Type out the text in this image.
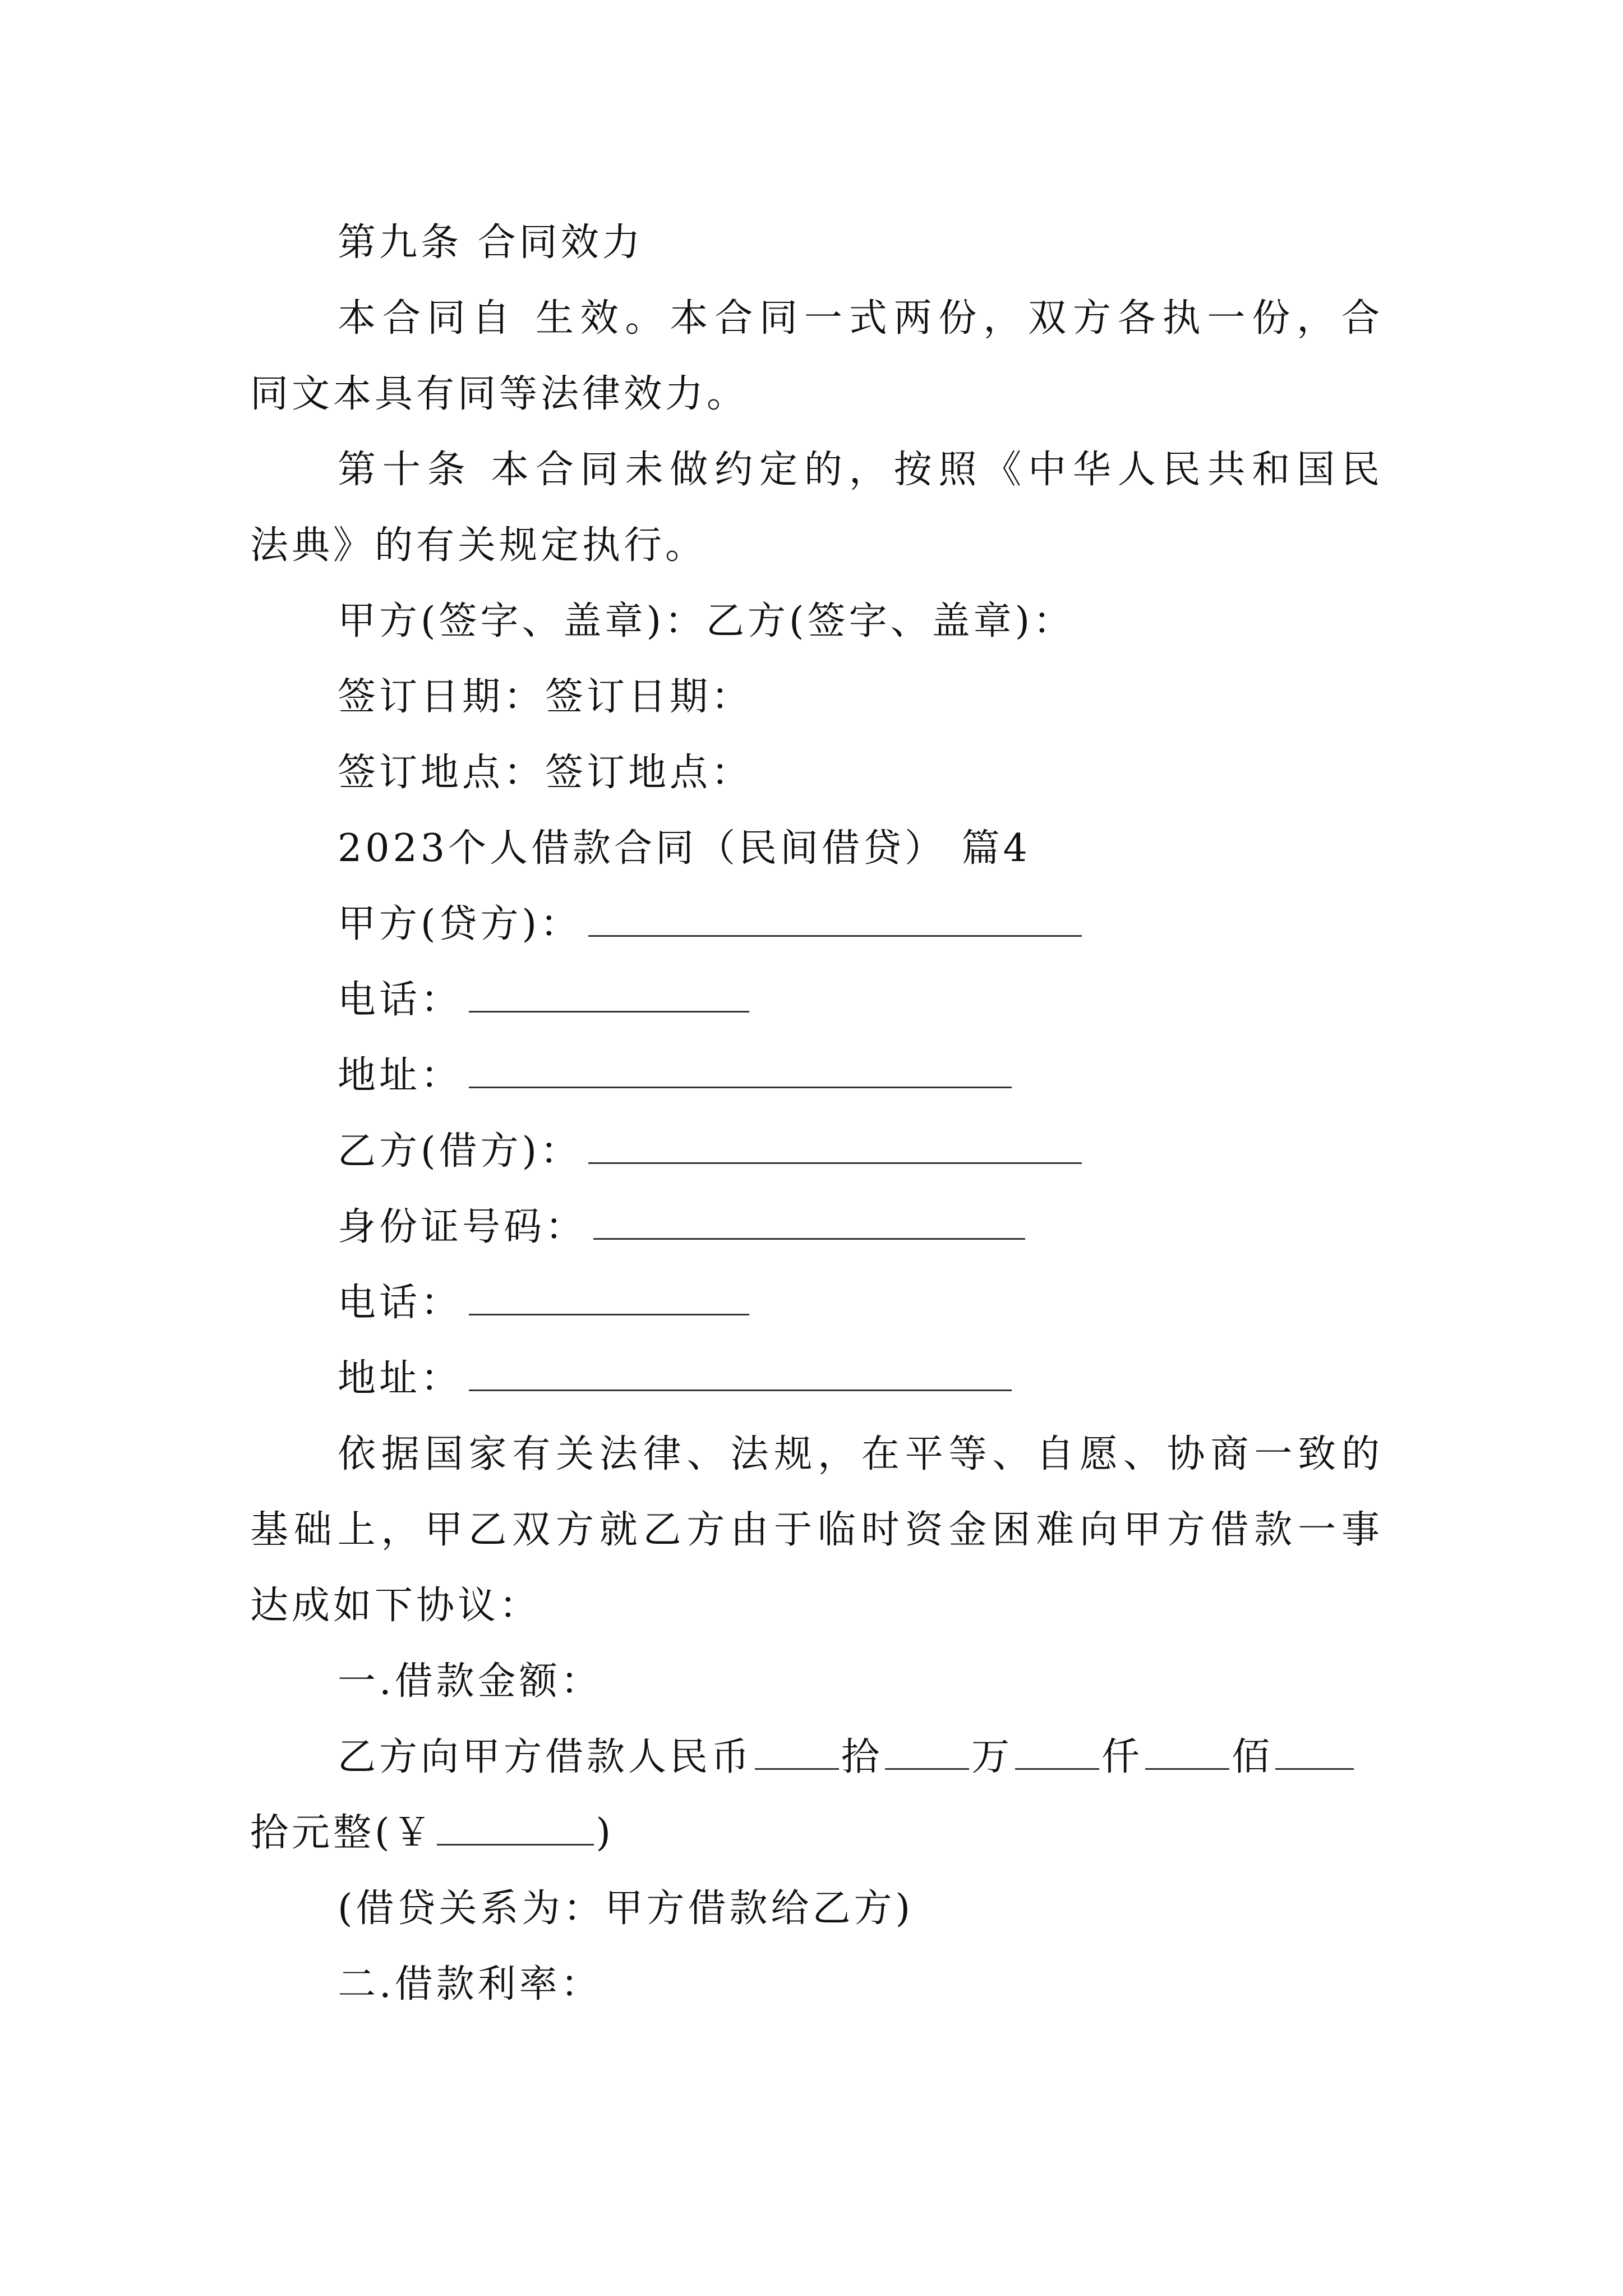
第九条 合同效力
本合同自 生效。本合同一式两份，双方各执一份，合
同文本具有同等法律效力。
第十条 本合同未做约定的，按照《中华人民共和国民
法典》的有关规定执行。
甲方(签字、盖章)：乙方(签字、盖章)：
签订日期：签订日期：
签订地点：签订地点：
2023个人借款合同（民间借贷） 篇4
甲方(贷方)：
电话：
地址：
乙方(借方)：
身份证号码：
电话：
地址：
依据国家有关法律、法规，在平等、自愿、协商一致的
基础上，甲乙双方就乙方由于临时资金困难向甲方借款一事
达成如下协议：
一.借款金额：
乙方向甲方借款人民币 拾 万 仟 佰
拾元整(￥	)
(借贷关系为：甲方借款给乙方)
二.借款利率：
